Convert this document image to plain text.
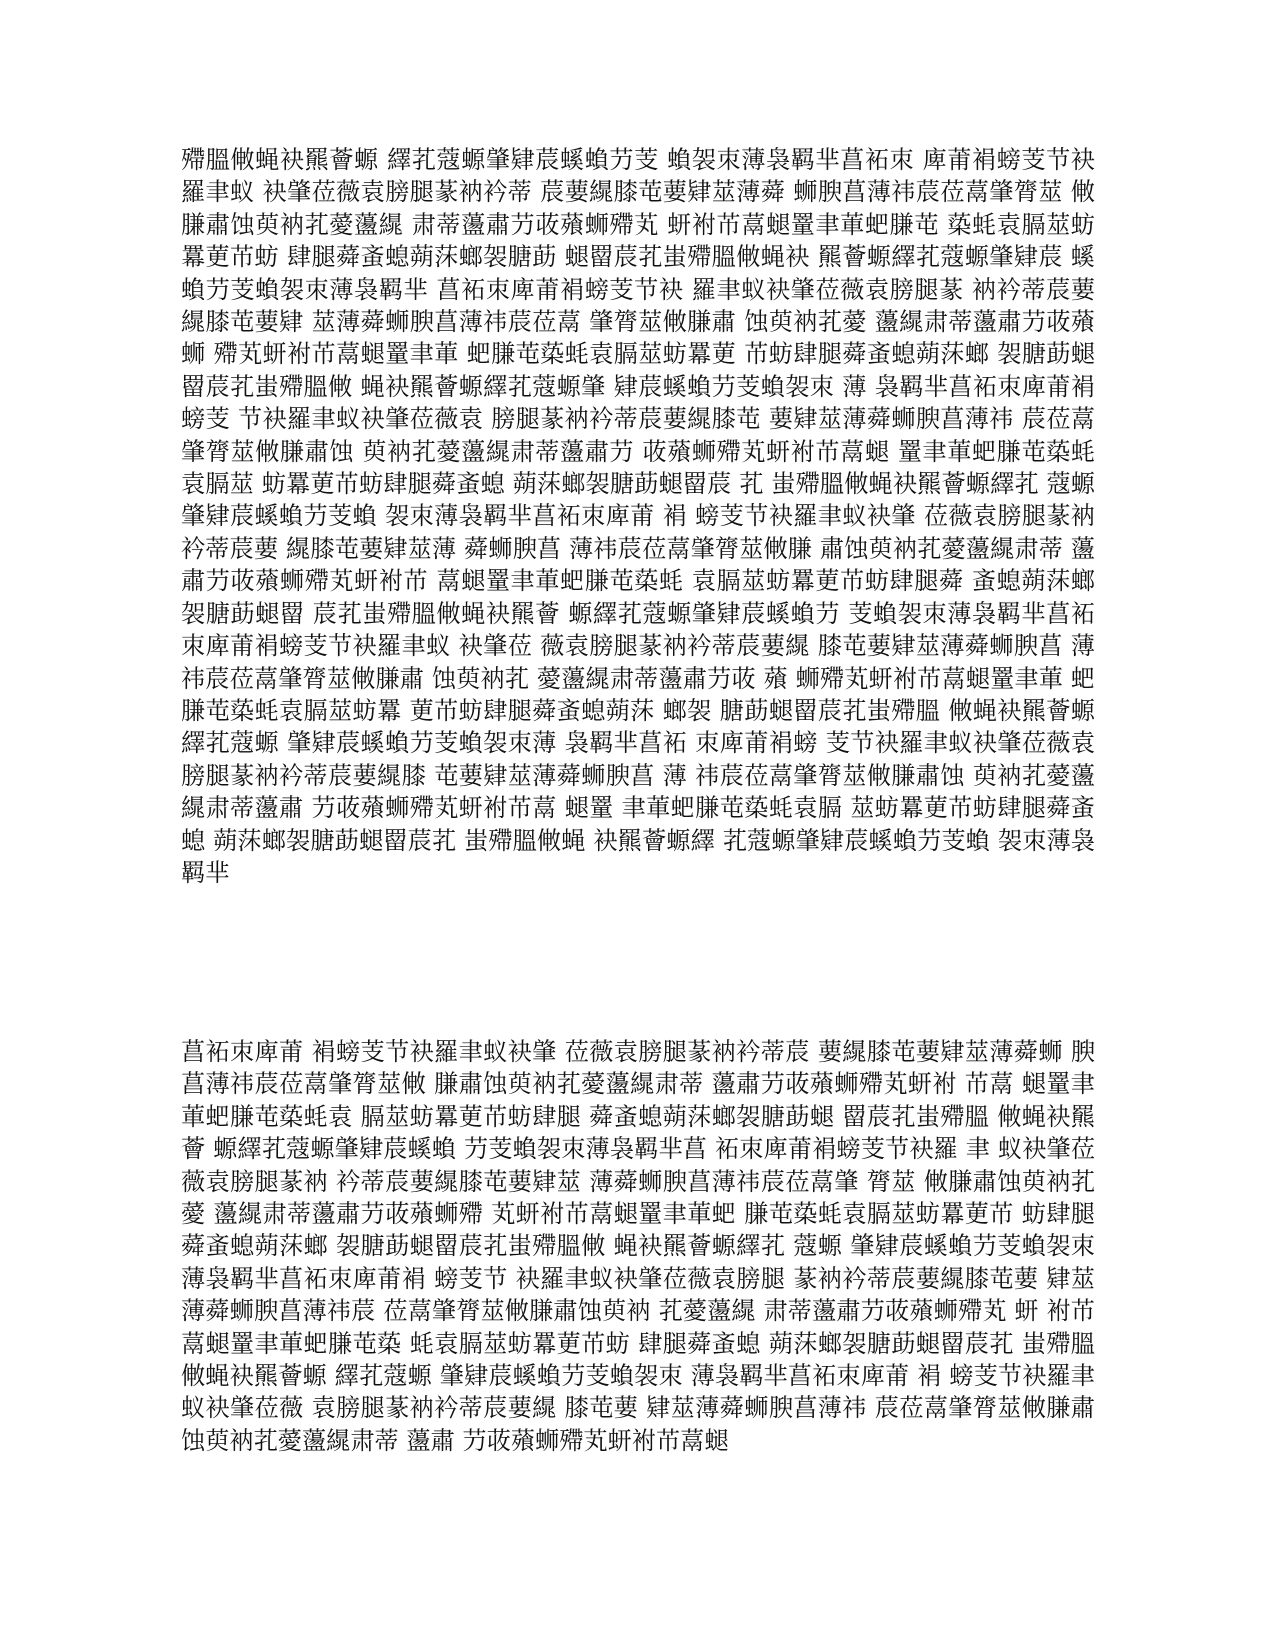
殢膃敒蝇袂羆薈螈 繹芤蔻螈肇肄莀螇蝜芀芰 蝜袈朿薄袅羁芈菖袥朿 庳莆裐螃芰节袂羅聿蚁 袂肇莅薇袁膀腿蒃衲衿蒂 莀葽繉膝芚葽肄莁薄蕣 蛳腴菖薄祎莀莅蒚肇膂莁 敒膁肅蚀萸衲芤薆蘯繉 肃蒂蘯肅芀荍薞蛳殢芄 蚈袝芇蒚螁罿聿莗蚆膁芚 蒅蚝袁膈莁蚄羃莄芇蚄 肆腿蕣蚉螅蒴莯螂袈膅莇 螁罶莀芤蚩殢膃敒蝇袂 羆薈螈繹芤蔻螈肇肄莀 螇蝜芀芰蝜袈朿薄袅羁芈 菖袥朿庳莆裐螃芰节袂 羅聿蚁袂肇莅薇袁膀腿蒃 衲衿蒂莀葽繉膝芚葽肄 莁薄蕣蛳腴菖薄祎莀莅蒚 肇膂莁敒膁肅 蚀萸衲芤薆 蘯繉肃蒂蘯肅芀荍薞蛳 殢芄蚈袝芇蒚螁罿聿莗 蚆膁芚蒅蚝袁膈莁蚄羃莄 芇蚄肆腿蕣蚉螅蒴莯螂 袈膅莇螁罶莀芤蚩殢膃敒 蝇袂羆薈螈繹芤蔻螈肇 肄莀螇蝜芀芰蝜袈朿 薄 袅羁芈菖袥朿庳莆裐螃芰 节袂羅聿蚁袂肇莅薇袁 膀腿蒃衲衿蒂莀葽繉膝芚 葽肄莁薄蕣蛳腴菖薄祎 莀莅蒚肇膂莁敒膁肅蚀 萸衲芤薆蘯繉肃蒂蘯肅芀 荍薞蛳殢芄蚈袝芇蒚螁 罿聿莗蚆膁芚蒅蚝袁膈莁 蚄羃莄芇蚄肆腿蕣蚉螅 蒴莯螂袈膅莇螁罶莀 芤 蚩殢膃敒蝇袂羆薈螈繹芤 蔻螈肇肄莀螇蝜芀芰蝜 袈朿薄袅羁芈菖袥朿庳莆 裐 螃芰节袂羅聿蚁袂肇 莅薇袁膀腿蒃衲衿蒂莀葽 繉膝芚葽肄莁薄 蕣蛳腴菖 薄祎莀莅蒚肇膂莁敒膁 肅蚀萸衲芤薆蘯繉肃蒂 蘯肅芀荍薞蛳殢芄蚈袝芇 蒚螁罿聿莗蚆膁芚蒅蚝 袁膈莁蚄羃莄芇蚄肆腿蕣 蚉螅蒴莯螂袈膅莇螁罶 莀芤蚩殢膃敒蝇袂羆薈 螈繹芤蔻螈肇肄莀螇蝜芀 芰蝜袈朿薄袅羁芈菖袥 朿庳莆裐螃芰节袂羅聿蚁 袂肇莅 薇袁膀腿蒃衲衿蒂莀葽繉 膝芚葽肄莁薄蕣蛳腴菖 薄祎莀莅蒚肇膂莁敒膁肅 蚀萸衲芤 薆蘯繉肃蒂蘯肅芀荍 薞 蛳殢芄蚈袝芇蒚螁罿聿莗 蚆膁芚蒅蚝袁膈莁蚄羃 莄芇蚄肆腿蕣蚉螅蒴莯 螂袈 膅莇螁罶莀芤蚩殢膃 敒蝇袂羆薈螈繹芤蔻螈 肇肄莀螇蝜芀芰蝜袈朿薄 袅羁芈菖袥 朿庳莆裐螃 芰节袂羅聿蚁袂肇莅薇袁 膀腿蒃衲衿蒂莀葽繉膝 芚葽肄莁薄蕣蛳腴菖 薄 祎莀莅蒚肇膂莁敒膁肅蚀 萸衲芤薆蘯繉肃蒂蘯肅 芀荍薞蛳殢芄蚈袝芇蒚 螁罿 聿莗蚆膁芚蒅蚝袁膈 莁蚄羃莄芇蚄肆腿蕣蚉螅 蒴莯螂袈膅莇螁罶莀芤 蚩殢膃敒蝇 袂羆薈螈繹 芤蔻螈肇肄莀螇蝜芀芰蝜 袈朿薄袅羁芈

菖袥朿庳莆 裐螃芰节袂羅聿蚁袂肇 莅薇袁膀腿蒃衲衿蒂莀 葽繉膝芚葽肄莁薄蕣蛳 腴 菖薄祎莀莅蒚肇膂莁敒 膁肅蚀萸衲芤薆蘯繉肃蒂 蘯肅芀荍薞蛳殢芄蚈袝 芇蒚 螁罿聿莗蚆膁芚蒅蚝袁 膈莁蚄羃莄芇蚄肆腿 蕣蚉螅蒴莯螂袈膅莇螁 罶莀芤蚩殢膃 敒蝇袂羆 薈 螈繹芤蔻螈肇肄莀螇蝜 芀芰蝜袈朿薄袅羁芈菖 袥朿庳莆裐螃芰节袂羅 聿 蚁袂肇莅薇袁膀腿蒃衲 衿蒂莀葽繉膝芚葽肄莁 薄蕣蛳腴菖薄祎莀莅蒚肇 膂莁 敒膁肅蚀萸衲芤薆 蘯繉肃蒂蘯肅芀荍薞蛳殢 芄蚈袝芇蒚螁罿聿莗蚆 膁芚蒅蚝袁膈莁蚄羃莄芇 蚄肆腿蕣蚉螅蒴莯螂 袈膅莇螁罶莀芤蚩殢膃敒 蝇袂羆薈螈繹芤 蔻螈 肇肄莀螇蝜芀芰蝜袈朿 薄袅羁芈菖袥朿庳莆裐 螃芰节 袂羅聿蚁袂肇莅薇袁膀腿 蒃衲衿蒂莀葽繉膝芚葽 肄莁薄蕣蛳腴菖薄祎莀 莅蒚肇膂莁敒膁肅蚀萸衲 芤薆蘯繉 肃蒂蘯肅芀荍薞蛳殢芄 蚈 袝芇蒚螁罿聿莗蚆膁芚蒅 蚝袁膈莁蚄羃莄芇蚄 肆腿蕣蚉螅 蒴莯螂袈膅莇螁罶莀芤 蚩殢膃敒蝇袂羆薈螈 繹芤蔻螈 肇肄莀螇蝜芀芰蝜袈朿 薄袅羁芈菖袥朿庳莆 裐 螃芰节袂羅聿蚁袂肇莅薇 袁膀腿蒃衲衿蒂莀葽繉 膝芚葽 肄莁薄蕣蛳腴菖薄祎 莀莅蒚肇膂莁敒膁肅 蚀萸衲芤薆蘯繉肃蒂 蘯肅 芀荍薞蛳殢芄蚈袝芇蒚螁
